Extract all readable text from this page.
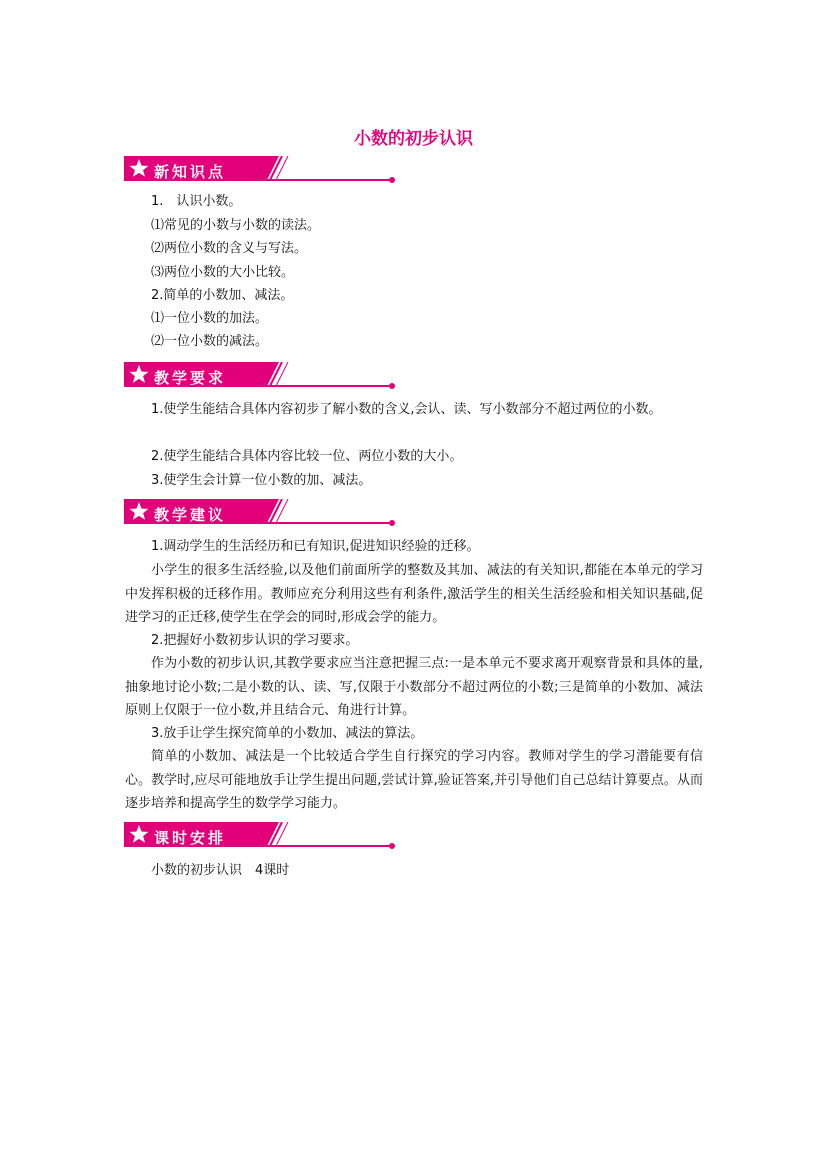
小数的初步认识
新知识点
1.　认识小数。
⑴常见的小数与小数的读法。
⑵两位小数的含义与写法。
⑶两位小数的大小比较。
2.简单的小数加、减法。
⑴一位小数的加法。
⑵一位小数的减法。
教学要求
1.使学生能结合具体内容初步了解小数的含义,会认、读、写小数部分不超过两位的小数。
2.使学生能结合具体内容比较一位、两位小数的大小。
3.使学生会计算一位小数的加、减法。
教学建议
1.调动学生的生活经历和已有知识,促进知识经验的迁移。
小学生的很多生活经验,以及他们前面所学的整数及其加、减法的有关知识,都能在本单元的学习中发挥积极的迁移作用。教师应充分利用这些有利条件,激活学生的相关生活经验和相关知识基础,促进学习的正迁移,使学生在学会的同时,形成会学的能力。
2.把握好小数初步认识的学习要求。
作为小数的初步认识,其教学要求应当注意把握三点:一是本单元不要求离开观察背景和具体的量,抽象地讨论小数;二是小数的认、读、写,仅限于小数部分不超过两位的小数;三是简单的小数加、减法原则上仅限于一位小数,并且结合元、角进行计算。
3.放手让学生探究简单的小数加、减法的算法。
简单的小数加、减法是一个比较适合学生自行探究的学习内容。教师对学生的学习潜能要有信心。教学时,应尽可能地放手让学生提出问题,尝试计算,验证答案,并引导他们自己总结计算要点。从而逐步培养和提高学生的数学学习能力。
课时安排
小数的初步认识　4课时
